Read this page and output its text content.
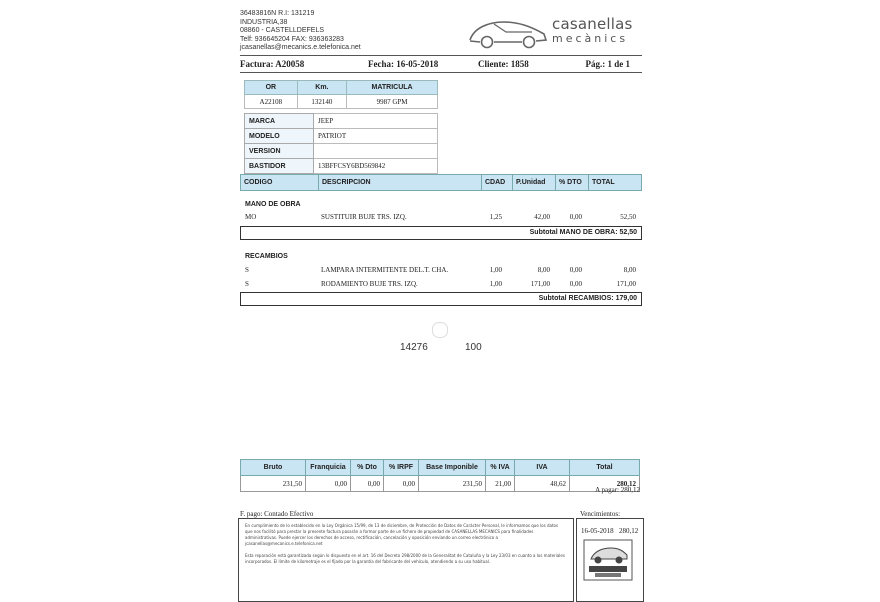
36483816N R.I: 131219
INDUSTRIA,38
08860 - CASTELLDEFELS
Telf: 936645204 FAX: 936363283
jcasanellas@mecanics.e.telefonica.net
casanellas
mecànics
Factura: A20058	Fecha: 16-05-2018	Cliente: 1858	Pág.: 1 de 1
OR	Km.	MATRICULA
A22108	132140	9987 GPM
MARCA	JEEP
MODELO	PATRIOT
VERSION	
BASTIDOR	13BFFCSY6BD569842
CODIGO	DESCRIPCION	CDAD	P.Unidad	% DTO	TOTAL
MANO DE OBRA
MO	SUSTITUIR BUJE TRS. IZQ.	1,25	42,00	0,00	52,50
Subtotal MANO DE OBRA: 52,50
RECAMBIOS
S	LAMPARA INTERMITENTE DEL.T. CHA.	1,00	8,00	0,00	8,00
S	RODAMIENTO BUJE TRS. IZQ.	1,00	171,00	0,00	171,00
Subtotal RECAMBIOS: 179,00
14276	100
Bruto	Franquicia	% Dto	% IRPF	Base Imponible	% IVA	IVA	Total
231,50	0,00	0,00	0,00	231,50	21,00	48,62	280,12
A pagar: 280,12
F. pago: Contado Efectivo	Vencimientos:
En cumplimiento de lo establecido en la Ley Orgánica 15/99, de 13 de diciembre, de Protección de Datos de Carácter Personal, le informamos que los datos
que nos facilitó para prestar la presente factura pasarán a formar parte de un fichero de propiedad de CASANELLAS MECANICS para finalidades
administrativas. Puede ejercer los derechos de acceso, rectificación, cancelación y oposición enviando un correo electrónico a
jcasanellas@mecanics.e.telefonica.net
Esta reparación está garantizada según lo dispuesto en el art. 16 del Decreto 298/2000 de la Generalitat de Cataluña y la Ley 23/03 en cuanto a los materiales
incorporados. El límite de kilometraje es el fijado por la garantía del fabricante del vehículo, atendiendo a su uso habitual.
16-05-2018 280,12
